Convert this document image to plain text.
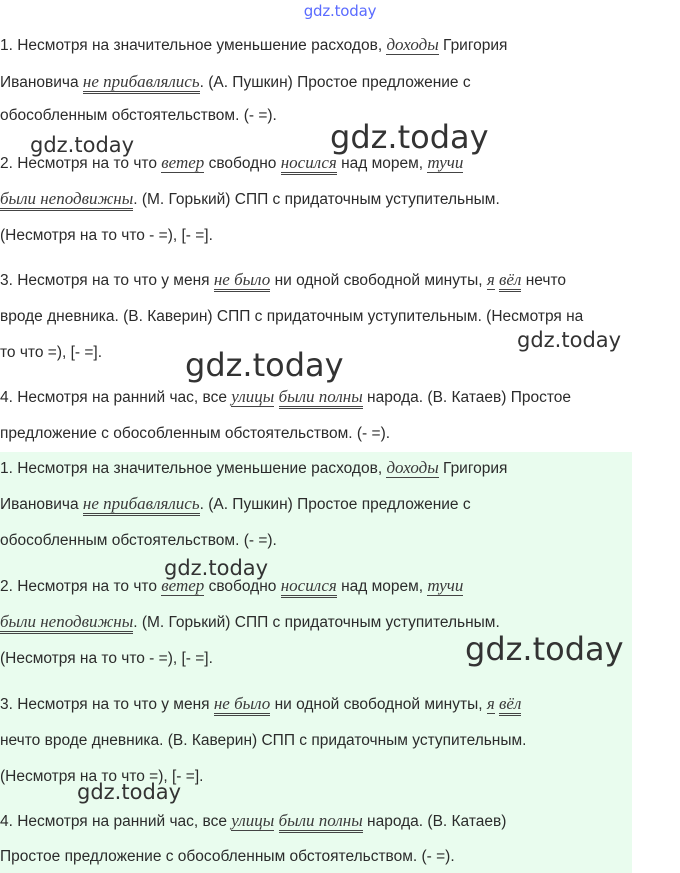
gdz.today
1. Несмотря на значительное уменьшение расходов, доходы Григория
Ивановича не прибавлялись. (А. Пушкин) Простое предложение с
обособленным обстоятельством. (- =).
2. Несмотря на то что ветер свободно носился над морем, тучи
были неподвижны. (М. Горький) СПП с придаточным уступительным.
(Несмотря на то что - =), [- =].
3. Несмотря на то что у меня не было ни одной свободной минуты, я вёл нечто
вроде дневника. (В. Каверин) СПП с придаточным уступительным. (Несмотря на
то что =), [- =].
4. Несмотря на ранний час, все улицы были полны народа. (В. Катаев) Простое
предложение с обособленным обстоятельством. (- =).
1. Несмотря на значительное уменьшение расходов, доходы Григория
Ивановича не прибавлялись. (А. Пушкин) Простое предложение с
обособленным обстоятельством. (- =).
2. Несмотря на то что ветер свободно носился над морем, тучи
были неподвижны. (М. Горький) СПП с придаточным уступительным.
(Несмотря на то что - =), [- =].
3. Несмотря на то что у меня не было ни одной свободной минуты, я вёл
нечто вроде дневника. (В. Каверин) СПП с придаточным уступительным.
(Несмотря на то что =), [- =].
4. Несмотря на ранний час, все улицы были полны народа. (В. Катаев)
Простое предложение с обособленным обстоятельством. (- =).
gdz.today	gdz.today
gdz.today
gdz.today
gdz.today
gdz.today
gdz.today
